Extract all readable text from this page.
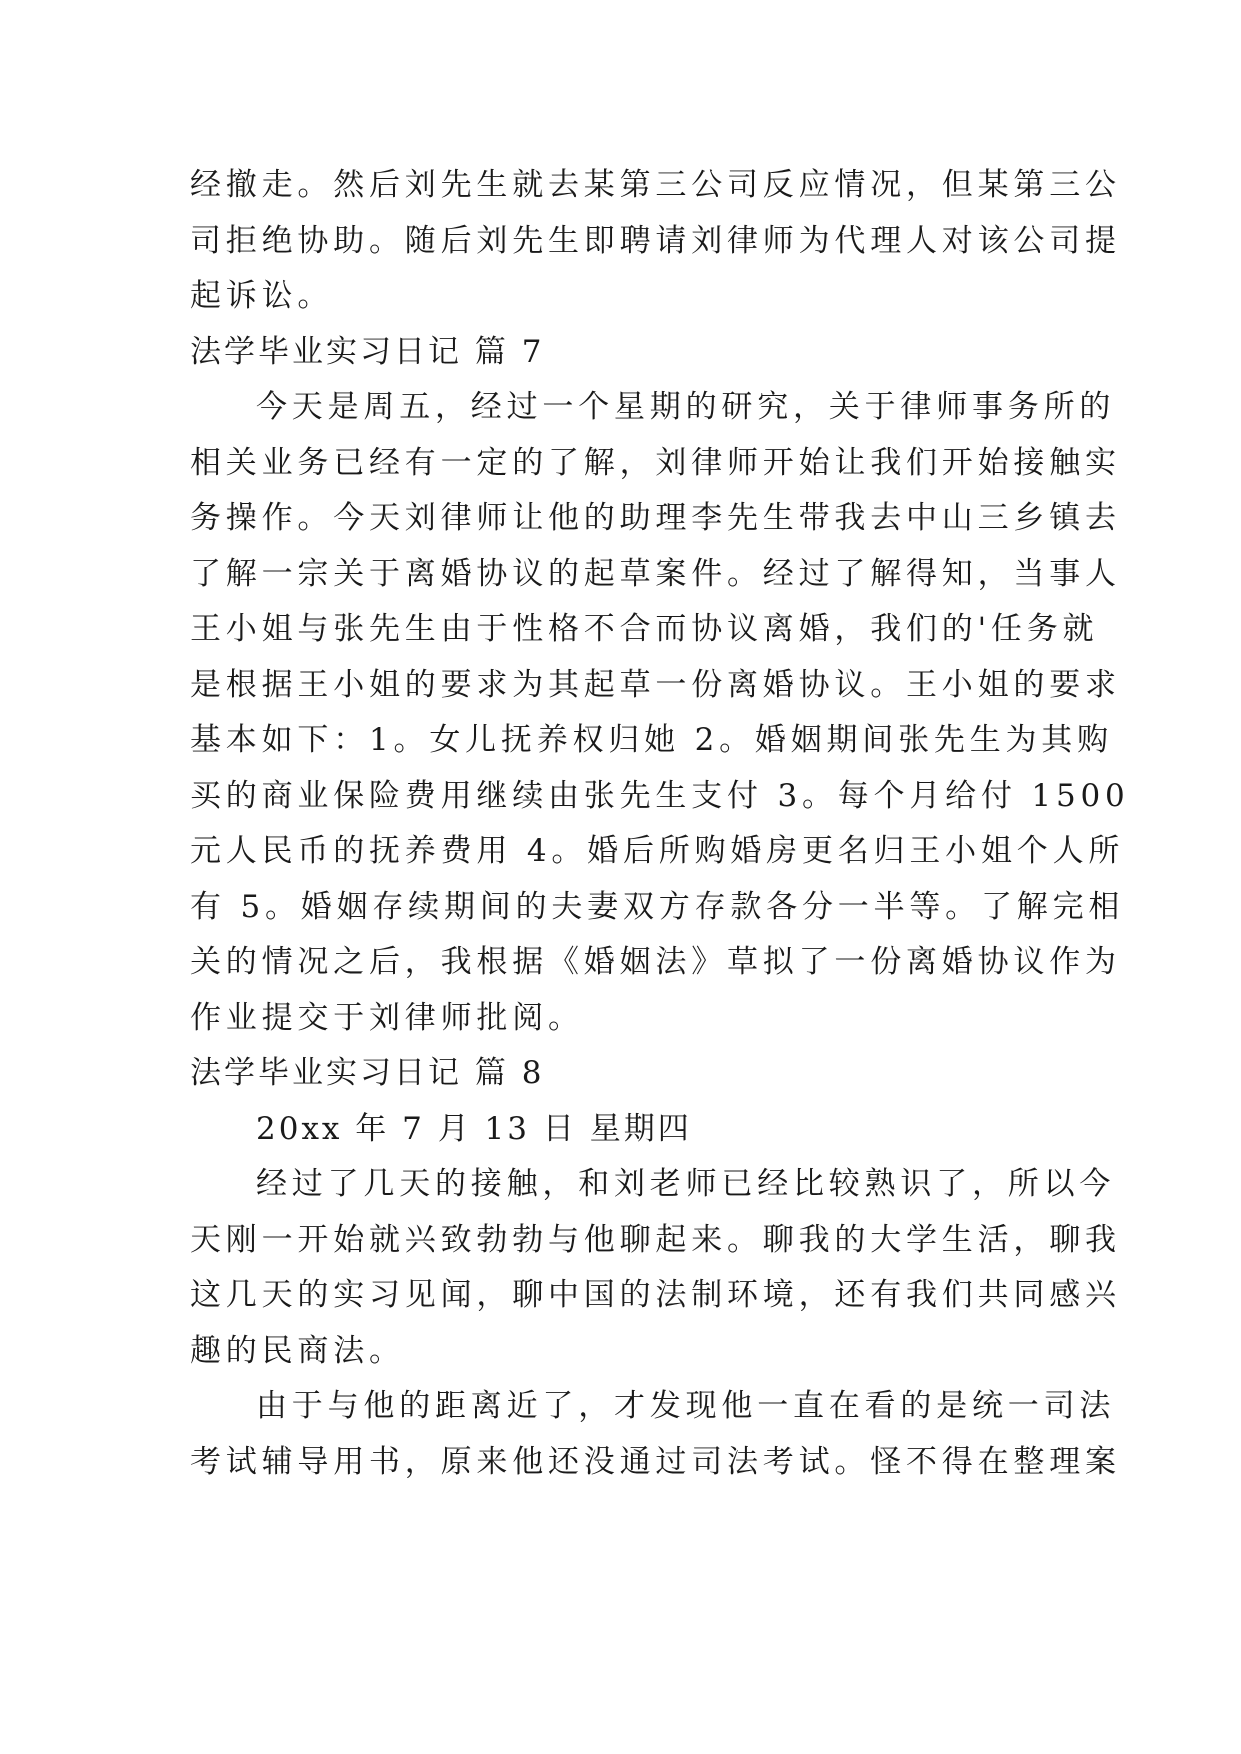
经撤走。然后刘先生就去某第三公司反应情况，但某第三公
司拒绝协助。随后刘先生即聘请刘律师为代理人对该公司提
起诉讼。
法学毕业实习日记 篇 7
今天是周五，经过一个星期的研究，关于律师事务所的
相关业务已经有一定的了解，刘律师开始让我们开始接触实
务操作。今天刘律师让他的助理李先生带我去中山三乡镇去
了解一宗关于离婚协议的起草案件。经过了解得知，当事人
王小姐与张先生由于性格不合而协议离婚，我们的'任务就
是根据王小姐的要求为其起草一份离婚协议。王小姐的要求
基本如下：1。女儿抚养权归她 2。婚姻期间张先生为其购
买的商业保险费用继续由张先生支付 3。每个月给付 1500
元人民币的抚养费用 4。婚后所购婚房更名归王小姐个人所
有 5。婚姻存续期间的夫妻双方存款各分一半等。了解完相
关的情况之后，我根据《婚姻法》草拟了一份离婚协议作为
作业提交于刘律师批阅。
法学毕业实习日记 篇 8
20xx 年 7 月 13 日 星期四
经过了几天的接触，和刘老师已经比较熟识了，所以今
天刚一开始就兴致勃勃与他聊起来。聊我的大学生活，聊我
这几天的实习见闻，聊中国的法制环境，还有我们共同感兴
趣的民商法。
由于与他的距离近了，才发现他一直在看的是统一司法
考试辅导用书，原来他还没通过司法考试。怪不得在整理案
